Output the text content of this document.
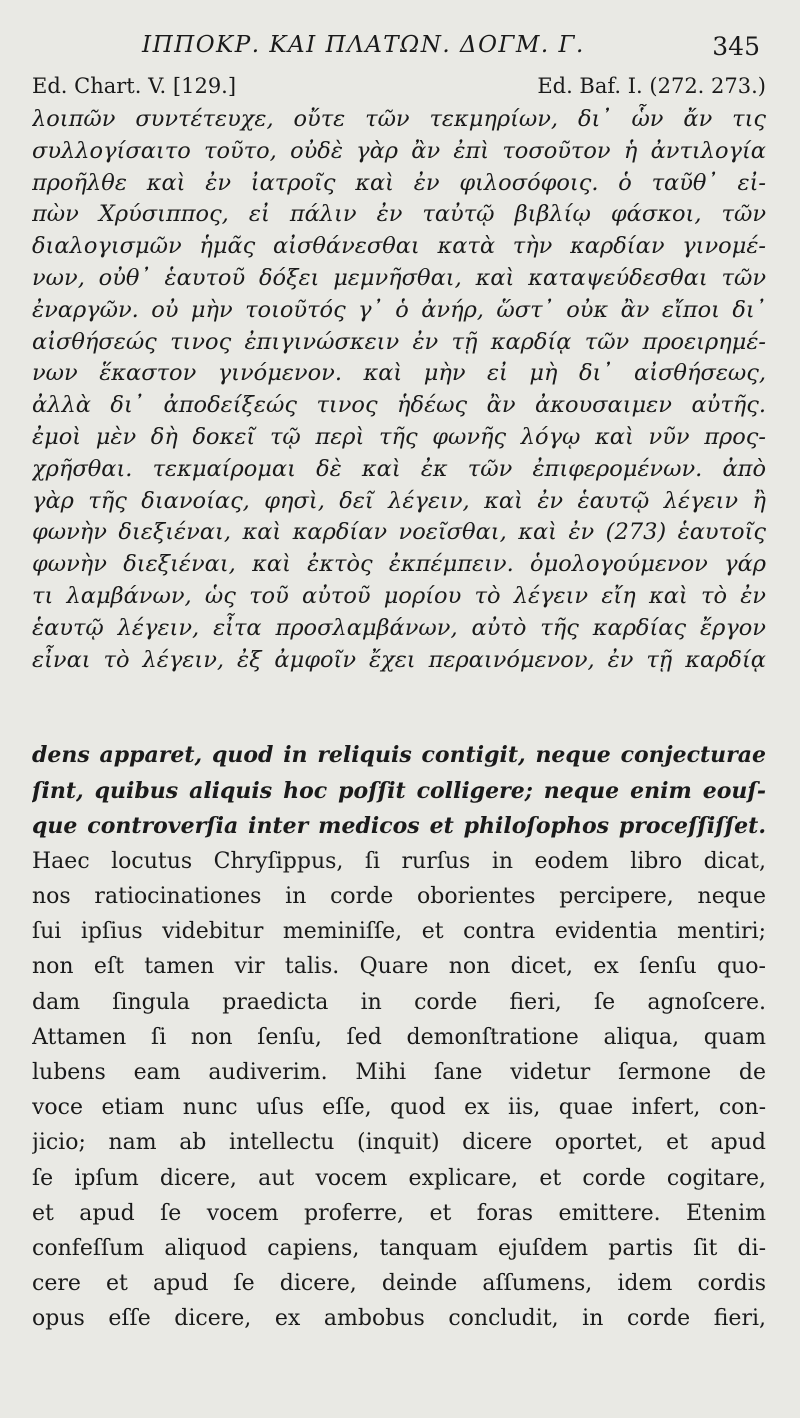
ΙΠΠΟΚΡ. ΚΑΙ ΠΛΑΤΩΝ. ΔΟΓΜ. Γ.	345
Ed. Chart. V. [129.]	Ed. Baf. I. (272. 273.)
λοιπῶν συντέτευχε, οὔτε τῶν τεκμηρίων, δι᾽ ὧν ἄν τις
συλλογίσαιτο τοῦτο, οὐδὲ γὰρ ἂν ἐπὶ τοσοῦτον ἡ ἀντιλογία
προῆλθε καὶ ἐν ἰατροῖς καὶ ἐν φιλοσόφοις. ὁ ταῦθ᾽ εἰ-
πὼν Χρύσιππος, εἰ πάλιν ἐν ταὐτῷ βιβλίῳ φάσκοι, τῶν
διαλογισμῶν ἡμᾶς αἰσθάνεσθαι κατὰ τὴν καρδίαν γινομέ-
νων, οὐθ᾽ ἑαυτοῦ δόξει μεμνῆσθαι, καὶ καταψεύδεσθαι τῶν
ἐναργῶν. οὐ μὴν τοιοῦτός γ᾽ ὁ ἀνήρ, ὥστ᾽ οὐκ ἂν εἴποι δι᾽
αἰσθήσεώς τινος ἐπιγινώσκειν ἐν τῇ καρδίᾳ τῶν προειρημέ-
νων ἕκαστον γινόμενον. καὶ μὴν εἰ μὴ δι᾽ αἰσθήσεως,
ἀλλὰ δι᾽ ἀποδείξεώς τινος ἡδέως ἂν ἀκουσαιμεν αὐτῆς.
ἐμοὶ μὲν δὴ δοκεῖ τῷ περὶ τῆς φωνῆς λόγῳ καὶ νῦν προς-
χρῆσθαι. τεκμαίρομαι δὲ καὶ ἐκ τῶν ἐπιφερομένων. ἀπὸ
γὰρ τῆς διανοίας, φησὶ, δεῖ λέγειν, καὶ ἐν ἑαυτῷ λέγειν ἢ
φωνὴν διεξιέναι, καὶ καρδίαν νοεῖσθαι, καὶ ἐν (273) ἑαυτοῖς
φωνὴν διεξιέναι, καὶ ἐκτὸς ἐκπέμπειν. ὁμολογούμενον γάρ
τι λαμβάνων, ὡς τοῦ αὐτοῦ μορίου τὸ λέγειν εἴη καὶ τὸ ἐν
ἑαυτῷ λέγειν, εἶτα προσλαμβάνων, αὐτὸ τῆς καρδίας ἔργον
εἶναι τὸ λέγειν, ἐξ ἀμφοῖν ἔχει περαινόμενον, ἐν τῇ καρδίᾳ
dens apparet, quod in reliquis contigit, neque conjecturae
ſint, quibus aliquis hoc poſſit colligere; neque enim eouſ-
que controverſia inter medicos et philoſophos proceſſiſſet.
Haec locutus Chryſippus, ſi rurſus in eodem libro dicat,
nos ratiocinationes in corde oborientes percipere, neque
ſui ipſius videbitur meminiſſe, et contra evidentia mentiri;
non eſt tamen vir talis. Quare non dicet, ex ſenſu quo-
dam ſingula praedicta in corde fieri, ſe agnoſcere.
Attamen ſi non ſenſu, ſed demonſtratione aliqua, quam
lubens eam audiverim. Mihi ſane videtur ſermone de
voce etiam nunc uſus eſſe, quod ex iis, quae infert, con-
jicio; nam ab intellectu (inquit) dicere oportet, et apud
ſe ipſum dicere, aut vocem explicare, et corde cogitare,
et apud ſe vocem proferre, et foras emittere. Etenim
confeſſum aliquod capiens, tanquam ejuſdem partis ſit di-
cere et apud ſe dicere, deinde aſſumens, idem cordis
opus eſſe dicere, ex ambobus concludit, in corde fieri,
